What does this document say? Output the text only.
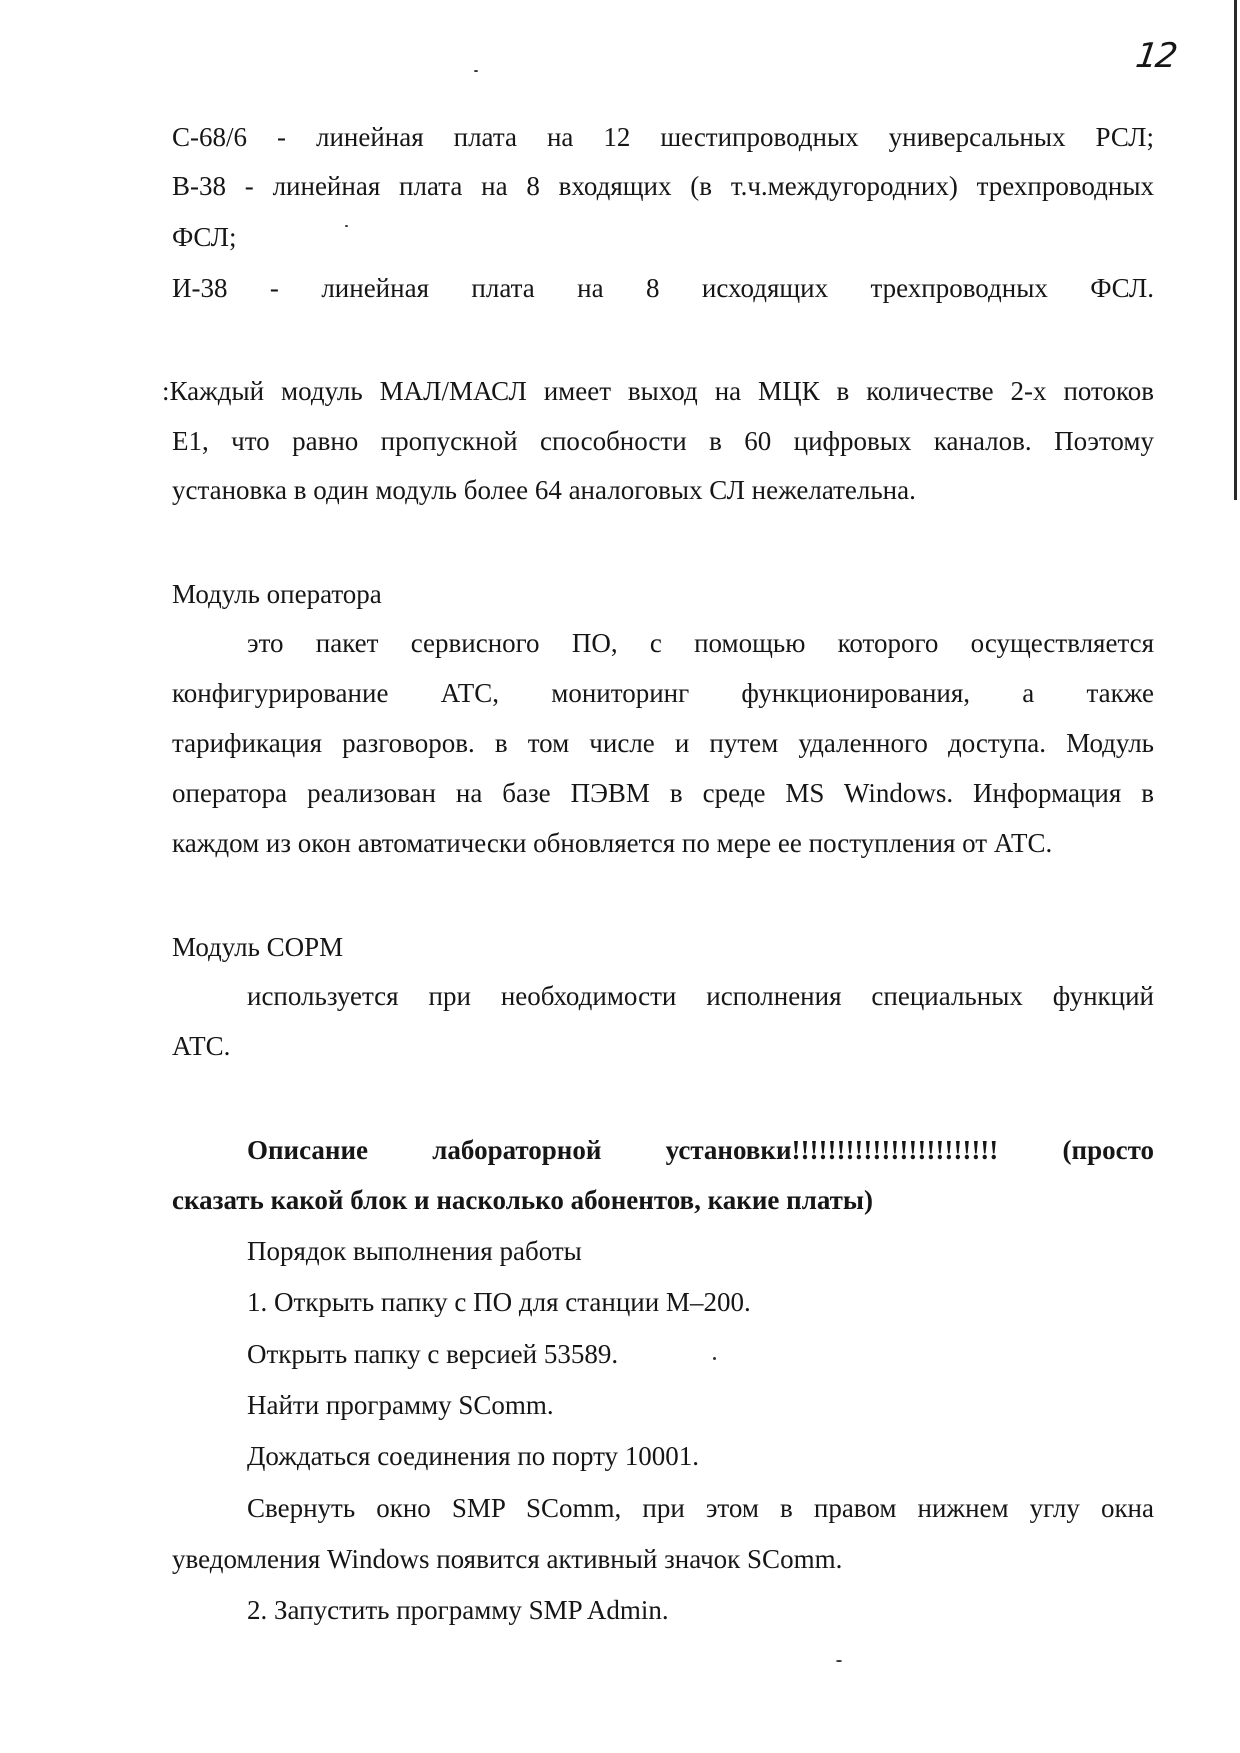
12
С-68/6 - линейная плата на 12 шестипроводных универсальных РСЛ;
В-38 - линейная плата на 8 входящих (в т.ч.междугородних) трехпроводных
ФСЛ;
И-38 - линейная плата на 8 исходящих трехпроводных ФСЛ.
:Каждый модуль МАЛ/МАСЛ имеет выход на МЦК в количестве 2-х потоков
Е1, что равно пропускной способности в 60 цифровых каналов. Поэтому
установка в один модуль более 64 аналоговых СЛ нежелательна.
Модуль оператора
это пакет сервисного ПО, с помощью которого осуществляется
конфигурирование АТС, мониторинг функционирования, а также
тарификация разговоров. в том числе и путем удаленного доступа. Модуль
оператора реализован на базе ПЭВМ в среде MS Windows. Информация в
каждом из окон автоматически обновляется по мере ее поступления от АТС.
Модуль СОРМ
используется при необходимости исполнения специальных функций
АТС.
Описание лабораторной установки!!!!!!!!!!!!!!!!!!!!!!! (просто
сказать какой блок и насколько абонентов, какие платы)
Порядок выполнения работы
1. Открыть папку с ПО для станции М–200.
Открыть папку с версией 53589.
Найти программу SComm.
Дождаться соединения по порту 10001.
Свернуть окно SMP SComm, при этом в правом нижнем углу окна
уведомления Windows появится активный значок SComm.
2. Запустить программу SMP Admin.
